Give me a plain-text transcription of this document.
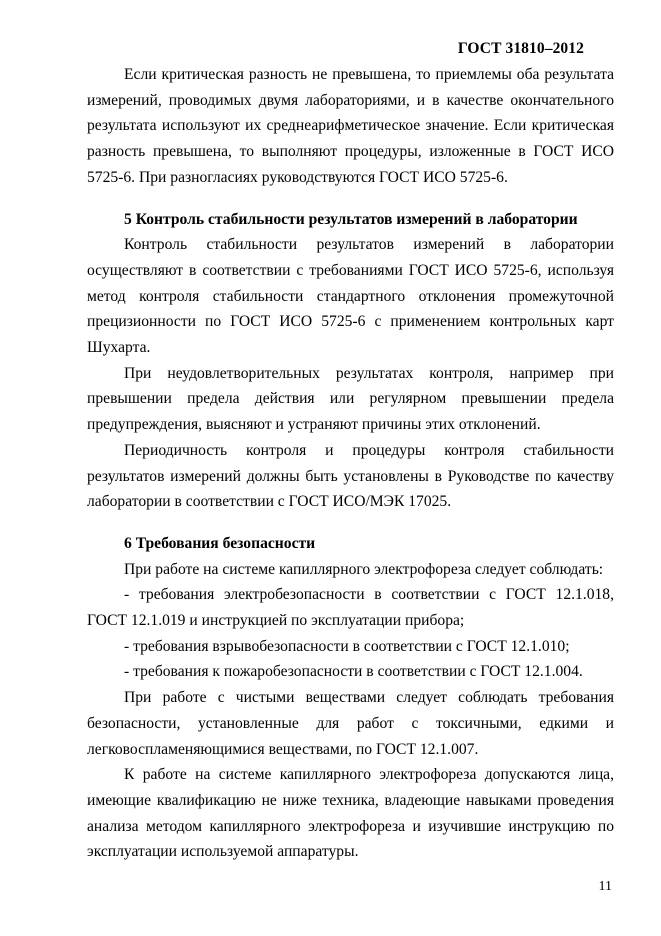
ГОСТ 31810–2012

Если критическая разность не превышена, то приемлемы оба результата измерений, проводимых двумя лабораториями, и в качестве окончательного результата используют их среднеарифметическое значение. Если критическая разность превышена, то выполняют процедуры, изложенные в ГОСТ ИСО 5725-6. При разногласиях руководствуются ГОСТ ИСО 5725-6.

5 Контроль стабильности результатов измерений в лаборатории

Контроль стабильности результатов измерений в лаборатории осуществляют в соответствии с требованиями ГОСТ ИСО 5725-6, используя метод контроля стабильности стандартного отклонения промежуточной прецизионности по ГОСТ ИСО 5725-6 с применением контрольных карт Шухарта.

При неудовлетворительных результатах контроля, например при превышении предела действия или регулярном превышении предела предупреждения, выясняют и устраняют причины этих отклонений.

Периодичность контроля и процедуры контроля стабильности результатов измерений должны быть установлены в Руководстве по качеству лаборатории в соответствии с ГОСТ ИСО/МЭК 17025.

6 Требования безопасности

При работе на системе капиллярного электрофореза следует соблюдать:

- требования электробезопасности в соответствии с ГОСТ 12.1.018, ГОСТ 12.1.019 и инструкцией по эксплуатации прибора;

- требования взрывобезопасности в соответствии с ГОСТ 12.1.010;

- требования к пожаробезопасности в соответствии с ГОСТ 12.1.004.

При работе с чистыми веществами следует соблюдать требования безопасности, установленные для работ с токсичными, едкими и легковоспламеняющимися веществами, по ГОСТ 12.1.007.

К работе на системе капиллярного электрофореза допускаются лица, имеющие квалификацию не ниже техника, владеющие навыками проведения анализа методом капиллярного электрофореза и изучившие инструкцию по эксплуатации используемой аппаратуры.

11
